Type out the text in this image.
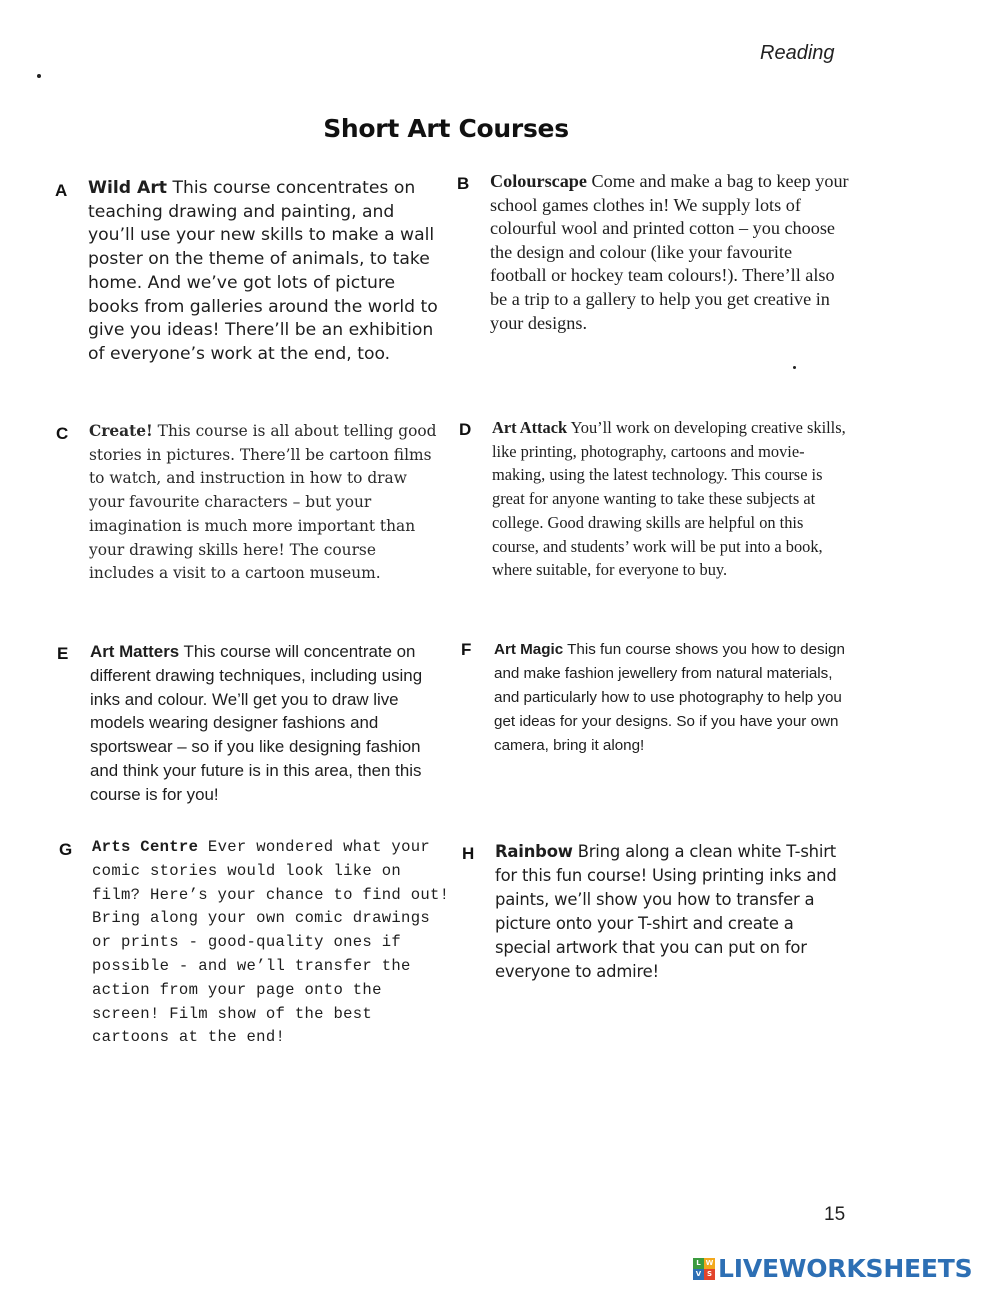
Reading
Short Art Courses
A Wild Art This course concentrates on teaching drawing and painting, and you’ll use your new skills to make a wall poster on the theme of animals, to take home. And we’ve got lots of picture books from galleries around the world to give you ideas! There’ll be an exhibition of everyone’s work at the end, too.
B Colourscape Come and make a bag to keep your school games clothes in! We supply lots of colourful wool and printed cotton – you choose the design and colour (like your favourite football or hockey team colours!). There’ll also be a trip to a gallery to help you get creative in your designs.
C Create! This course is all about telling good stories in pictures. There’ll be cartoon films to watch, and instruction in how to draw your favourite characters – but your imagination is much more important than your drawing skills here! The course includes a visit to a cartoon museum.
D Art Attack You’ll work on developing creative skills, like printing, photography, cartoons and movie-making, using the latest technology. This course is great for anyone wanting to take these subjects at college. Good drawing skills are helpful on this course, and students’ work will be put into a book, where suitable, for everyone to buy.
E Art Matters This course will concentrate on different drawing techniques, including using inks and colour. We’ll get you to draw live models wearing designer fashions and sportswear – so if you like designing fashion and think your future is in this area, then this course is for you!
F Art Magic This fun course shows you how to design and make fashion jewellery from natural materials, and particularly how to use photography to help you get ideas for your designs. So if you have your own camera, bring it along!
G Arts Centre Ever wondered what your comic stories would look like on film? Here’s your chance to find out! Bring along your own comic drawings or prints - good-quality ones if possible - and we’ll transfer the action from your page onto the screen! Film show of the best cartoons at the end!
H Rainbow Bring along a clean white T-shirt for this fun course! Using printing inks and paints, we’ll show you how to transfer a picture onto your T-shirt and create a special artwork that you can put on for everyone to admire!
15
L W
V S LIVEWORKSHEETS
